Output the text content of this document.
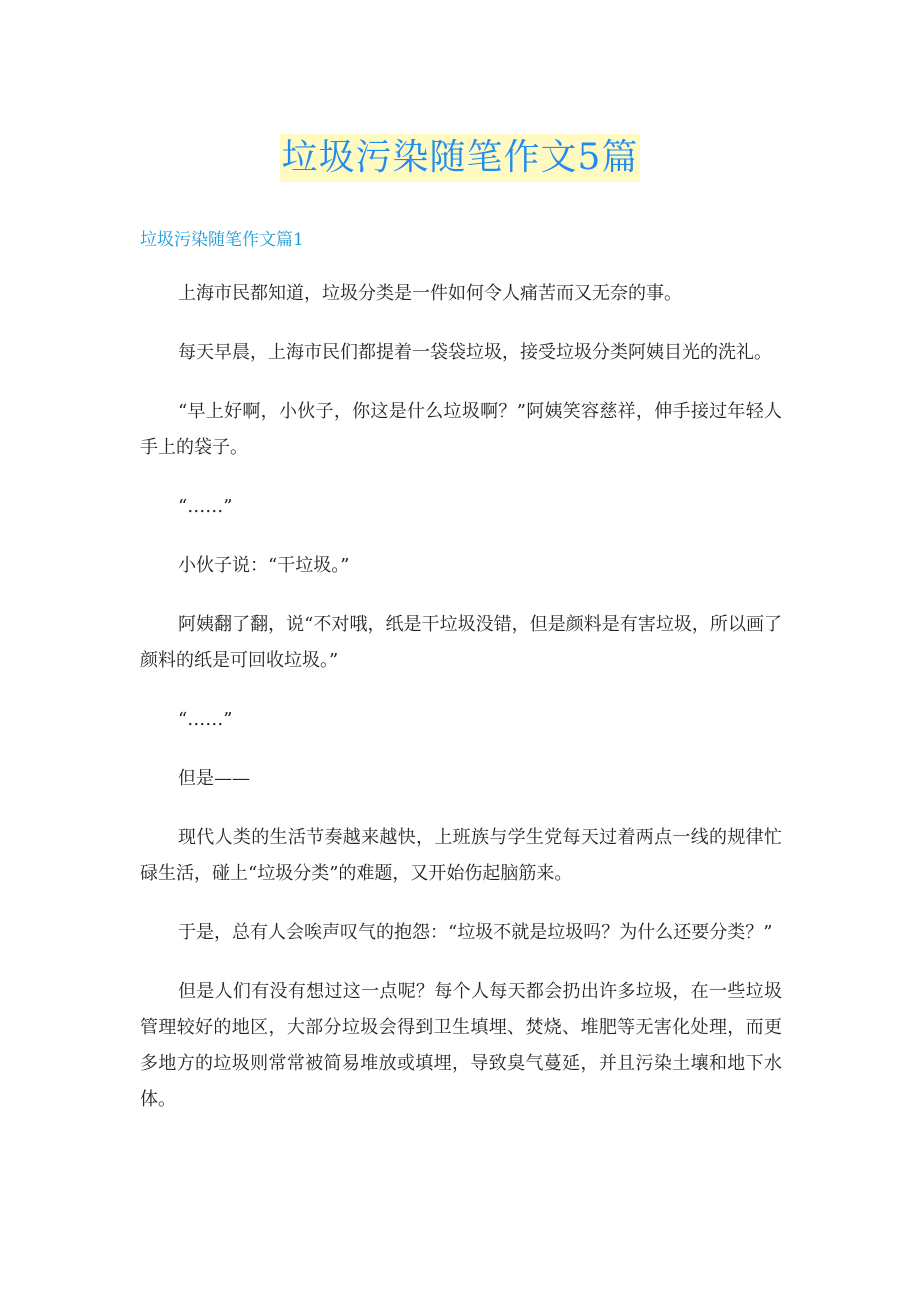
垃圾污染随笔作文5篇
垃圾污染随笔作文篇1

上海市民都知道，垃圾分类是一件如何令人痛苦而又无奈的事。

每天早晨，上海市民们都提着一袋袋垃圾，接受垃圾分类阿姨目光的洗礼。

“早上好啊，小伙子，你这是什么垃圾啊？”阿姨笑容慈祥，伸手接过年轻人手上的袋子。

“……”

小伙子说：“干垃圾。”

阿姨翻了翻，说“不对哦，纸是干垃圾没错，但是颜料是有害垃圾，所以画了颜料的纸是可回收垃圾。”

“……”

但是——

现代人类的生活节奏越来越快，上班族与学生党每天过着两点一线的规律忙碌生活，碰上“垃圾分类”的难题，又开始伤起脑筋来。

于是，总有人会唉声叹气的抱怨：“垃圾不就是垃圾吗？为什么还要分类？”

但是人们有没有想过这一点呢？每个人每天都会扔出许多垃圾，在一些垃圾管理较好的地区，大部分垃圾会得到卫生填埋、焚烧、堆肥等无害化处理，而更多地方的垃圾则常常被简易堆放或填埋，导致臭气蔓延，并且污染土壤和地下水体。
